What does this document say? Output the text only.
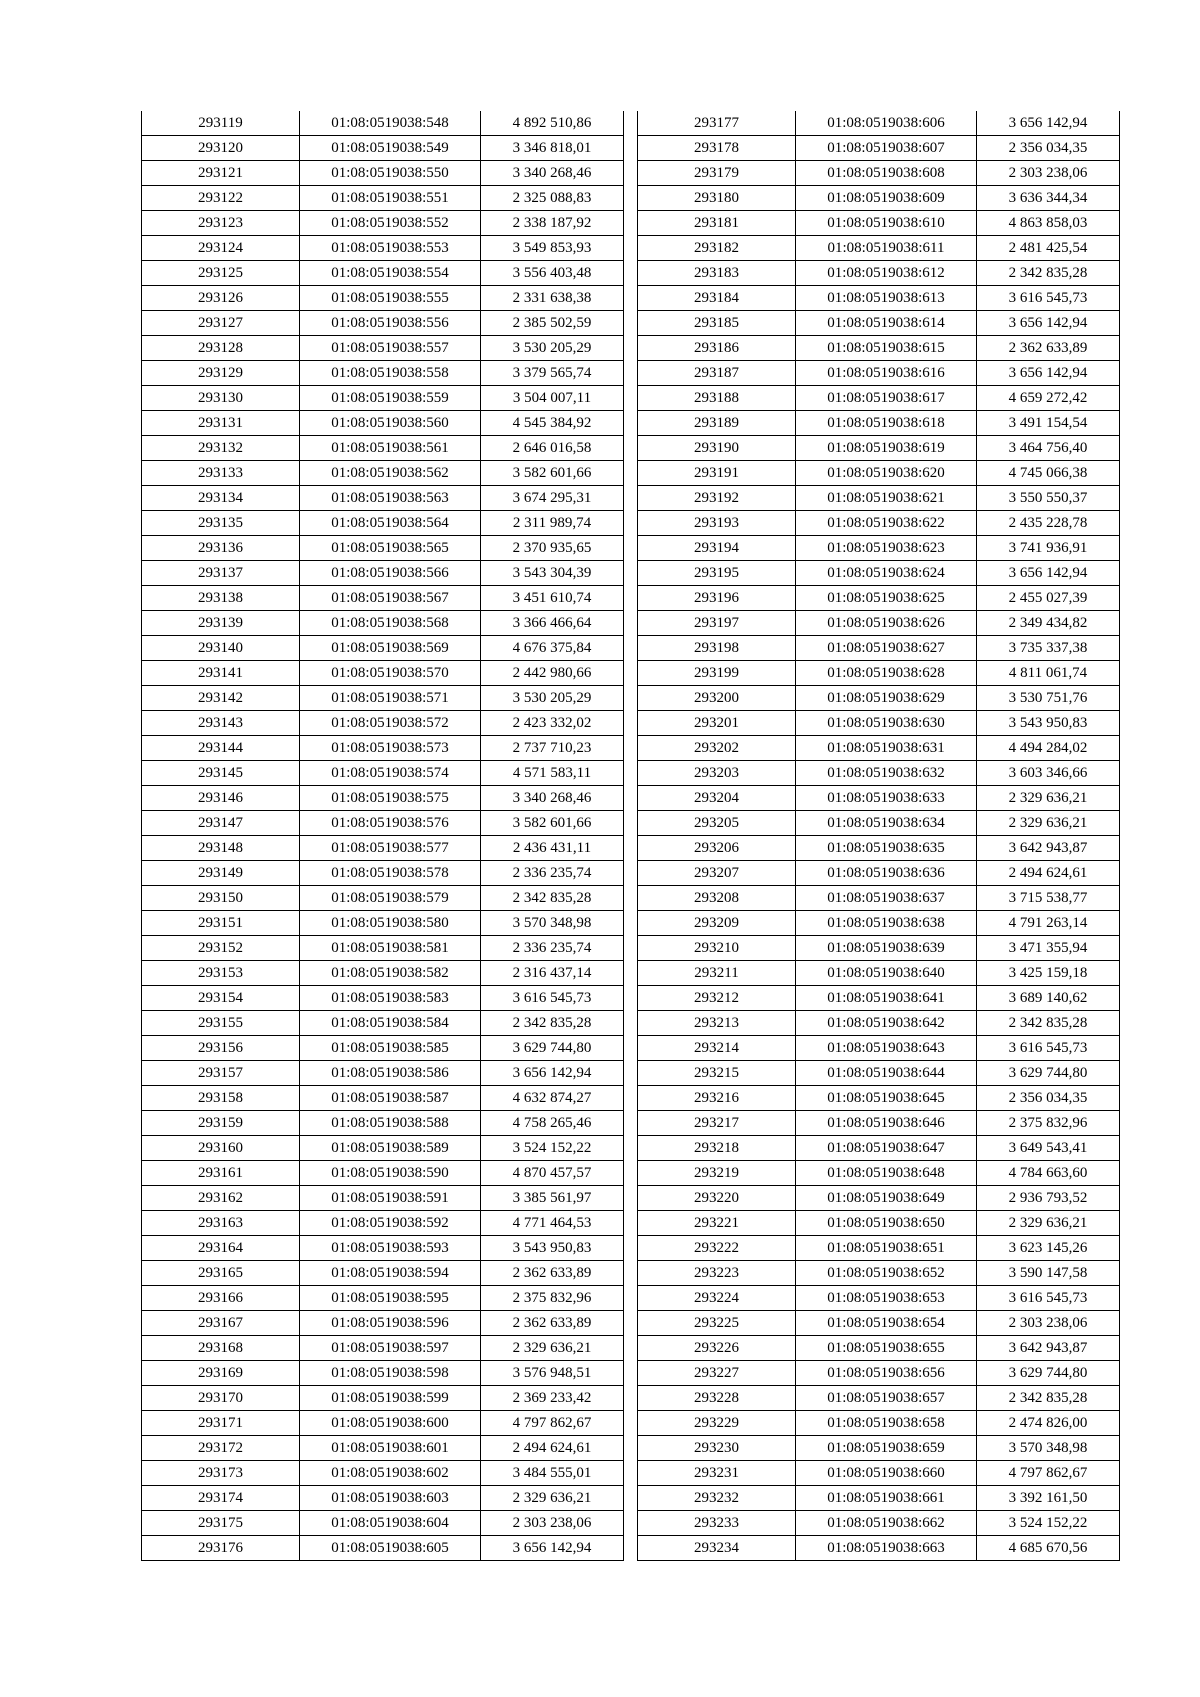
293119	01:08:0519038:548	4 892 510,86
293120	01:08:0519038:549	3 346 818,01
293121	01:08:0519038:550	3 340 268,46
293122	01:08:0519038:551	2 325 088,83
293123	01:08:0519038:552	2 338 187,92
293124	01:08:0519038:553	3 549 853,93
293125	01:08:0519038:554	3 556 403,48
293126	01:08:0519038:555	2 331 638,38
293127	01:08:0519038:556	2 385 502,59
293128	01:08:0519038:557	3 530 205,29
293129	01:08:0519038:558	3 379 565,74
293130	01:08:0519038:559	3 504 007,11
293131	01:08:0519038:560	4 545 384,92
293132	01:08:0519038:561	2 646 016,58
293133	01:08:0519038:562	3 582 601,66
293134	01:08:0519038:563	3 674 295,31
293135	01:08:0519038:564	2 311 989,74
293136	01:08:0519038:565	2 370 935,65
293137	01:08:0519038:566	3 543 304,39
293138	01:08:0519038:567	3 451 610,74
293139	01:08:0519038:568	3 366 466,64
293140	01:08:0519038:569	4 676 375,84
293141	01:08:0519038:570	2 442 980,66
293142	01:08:0519038:571	3 530 205,29
293143	01:08:0519038:572	2 423 332,02
293144	01:08:0519038:573	2 737 710,23
293145	01:08:0519038:574	4 571 583,11
293146	01:08:0519038:575	3 340 268,46
293147	01:08:0519038:576	3 582 601,66
293148	01:08:0519038:577	2 436 431,11
293149	01:08:0519038:578	2 336 235,74
293150	01:08:0519038:579	2 342 835,28
293151	01:08:0519038:580	3 570 348,98
293152	01:08:0519038:581	2 336 235,74
293153	01:08:0519038:582	2 316 437,14
293154	01:08:0519038:583	3 616 545,73
293155	01:08:0519038:584	2 342 835,28
293156	01:08:0519038:585	3 629 744,80
293157	01:08:0519038:586	3 656 142,94
293158	01:08:0519038:587	4 632 874,27
293159	01:08:0519038:588	4 758 265,46
293160	01:08:0519038:589	3 524 152,22
293161	01:08:0519038:590	4 870 457,57
293162	01:08:0519038:591	3 385 561,97
293163	01:08:0519038:592	4 771 464,53
293164	01:08:0519038:593	3 543 950,83
293165	01:08:0519038:594	2 362 633,89
293166	01:08:0519038:595	2 375 832,96
293167	01:08:0519038:596	2 362 633,89
293168	01:08:0519038:597	2 329 636,21
293169	01:08:0519038:598	3 576 948,51
293170	01:08:0519038:599	2 369 233,42
293171	01:08:0519038:600	4 797 862,67
293172	01:08:0519038:601	2 494 624,61
293173	01:08:0519038:602	3 484 555,01
293174	01:08:0519038:603	2 329 636,21
293175	01:08:0519038:604	2 303 238,06
293176	01:08:0519038:605	3 656 142,94
293177	01:08:0519038:606	3 656 142,94
293178	01:08:0519038:607	2 356 034,35
293179	01:08:0519038:608	2 303 238,06
293180	01:08:0519038:609	3 636 344,34
293181	01:08:0519038:610	4 863 858,03
293182	01:08:0519038:611	2 481 425,54
293183	01:08:0519038:612	2 342 835,28
293184	01:08:0519038:613	3 616 545,73
293185	01:08:0519038:614	3 656 142,94
293186	01:08:0519038:615	2 362 633,89
293187	01:08:0519038:616	3 656 142,94
293188	01:08:0519038:617	4 659 272,42
293189	01:08:0519038:618	3 491 154,54
293190	01:08:0519038:619	3 464 756,40
293191	01:08:0519038:620	4 745 066,38
293192	01:08:0519038:621	3 550 550,37
293193	01:08:0519038:622	2 435 228,78
293194	01:08:0519038:623	3 741 936,91
293195	01:08:0519038:624	3 656 142,94
293196	01:08:0519038:625	2 455 027,39
293197	01:08:0519038:626	2 349 434,82
293198	01:08:0519038:627	3 735 337,38
293199	01:08:0519038:628	4 811 061,74
293200	01:08:0519038:629	3 530 751,76
293201	01:08:0519038:630	3 543 950,83
293202	01:08:0519038:631	4 494 284,02
293203	01:08:0519038:632	3 603 346,66
293204	01:08:0519038:633	2 329 636,21
293205	01:08:0519038:634	2 329 636,21
293206	01:08:0519038:635	3 642 943,87
293207	01:08:0519038:636	2 494 624,61
293208	01:08:0519038:637	3 715 538,77
293209	01:08:0519038:638	4 791 263,14
293210	01:08:0519038:639	3 471 355,94
293211	01:08:0519038:640	3 425 159,18
293212	01:08:0519038:641	3 689 140,62
293213	01:08:0519038:642	2 342 835,28
293214	01:08:0519038:643	3 616 545,73
293215	01:08:0519038:644	3 629 744,80
293216	01:08:0519038:645	2 356 034,35
293217	01:08:0519038:646	2 375 832,96
293218	01:08:0519038:647	3 649 543,41
293219	01:08:0519038:648	4 784 663,60
293220	01:08:0519038:649	2 936 793,52
293221	01:08:0519038:650	2 329 636,21
293222	01:08:0519038:651	3 623 145,26
293223	01:08:0519038:652	3 590 147,58
293224	01:08:0519038:653	3 616 545,73
293225	01:08:0519038:654	2 303 238,06
293226	01:08:0519038:655	3 642 943,87
293227	01:08:0519038:656	3 629 744,80
293228	01:08:0519038:657	2 342 835,28
293229	01:08:0519038:658	2 474 826,00
293230	01:08:0519038:659	3 570 348,98
293231	01:08:0519038:660	4 797 862,67
293232	01:08:0519038:661	3 392 161,50
293233	01:08:0519038:662	3 524 152,22
293234	01:08:0519038:663	4 685 670,56
